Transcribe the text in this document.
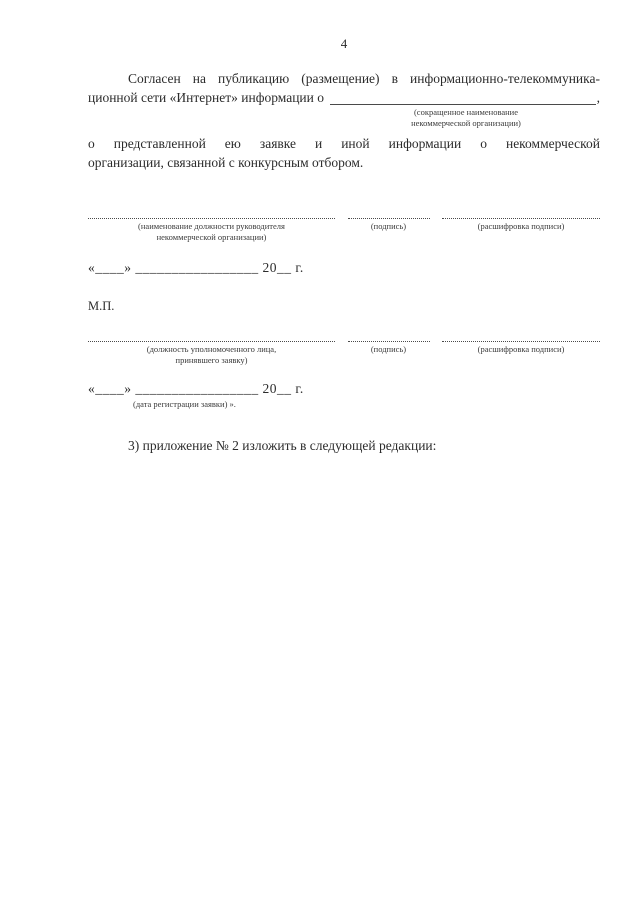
4
Согласен на публикацию (размещение) в информационно-телекоммуника-
ционной сети «Интернет» информации о	,
(сокращенное наименование
некоммерческой организации)
о представленной ею заявке и иной информации о некоммерческой
организации, связанной с конкурсным отбором.
(наименование должности руководителя
некоммерческой организации)
(подпись)	(расшифровка подписи)
«____» _________________ 20__ г.
М.П.
(должность уполномоченного лица,
принявшего заявку)
(подпись)	(расшифровка подписи)
«____» _________________ 20__ г.
(дата регистрации заявки) ».
3) приложение № 2 изложить в следующей редакции:
